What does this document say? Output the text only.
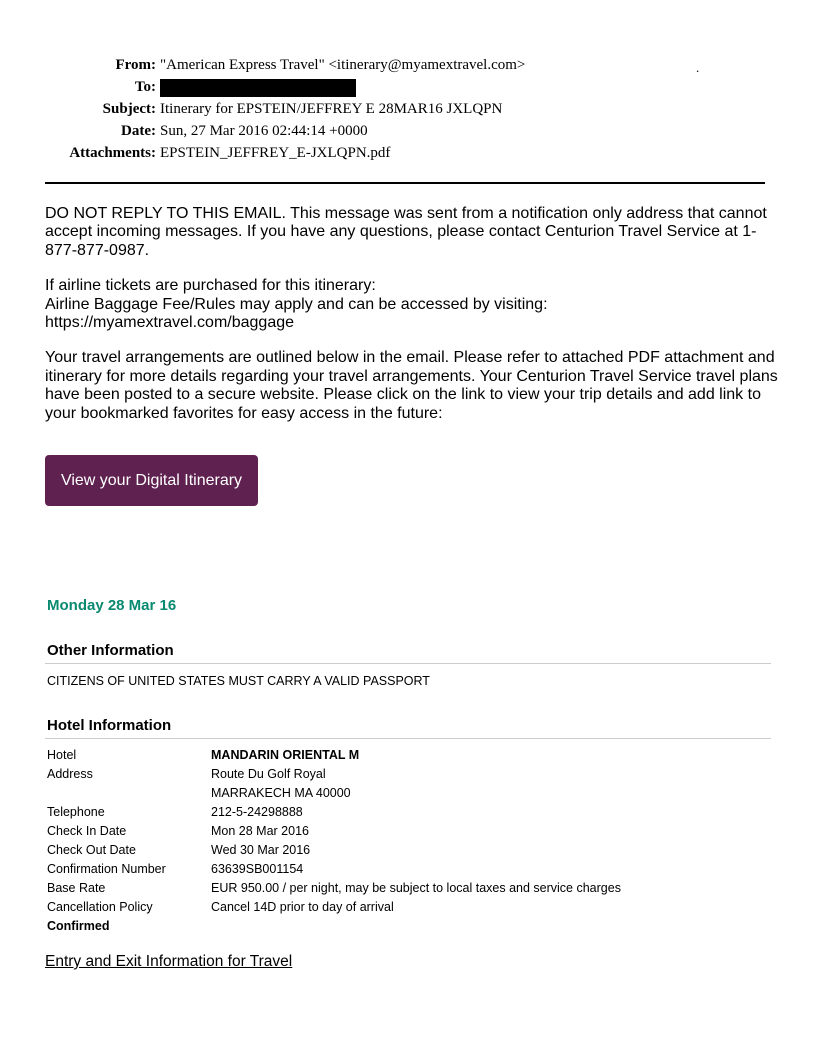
From: "American Express Travel" <itinerary@myamextravel.com>
To:
Subject: Itinerary for EPSTEIN/JEFFREY E 28MAR16 JXLQPN
Date: Sun, 27 Mar 2016 02:44:14 +0000
Attachments: EPSTEIN_JEFFREY_E-JXLQPN.pdf
.

DO NOT REPLY TO THIS EMAIL. This message was sent from a notification only address that cannot accept incoming messages. If you have any questions, please contact Centurion Travel Service at 1-877-877-0987.

If airline tickets are purchased for this itinerary:
Airline Baggage Fee/Rules may apply and can be accessed by visiting:
https://myamextravel.com/baggage

Your travel arrangements are outlined below in the email. Please refer to attached PDF attachment and itinerary for more details regarding your travel arrangements. Your Centurion Travel Service travel plans have been posted to a secure website. Please click on the link to view your trip details and add link to your bookmarked favorites for easy access in the future:

View your Digital Itinerary
Monday 28 Mar 16
Other Information
CITIZENS OF UNITED STATES MUST CARRY A VALID PASSPORT
Hotel Information
Hotel	MANDARIN ORIENTAL M
Address	Route Du Golf Royal
MARRAKECH MA 40000
Telephone	212-5-24298888
Check In Date	Mon 28 Mar 2016
Check Out Date	Wed 30 Mar 2016
Confirmation Number	63639SB001154
Base Rate	EUR 950.00 / per night, may be subject to local taxes and service charges
Cancellation Policy	Cancel 14D prior to day of arrival
Confirmed
Entry and Exit Information for Travel
